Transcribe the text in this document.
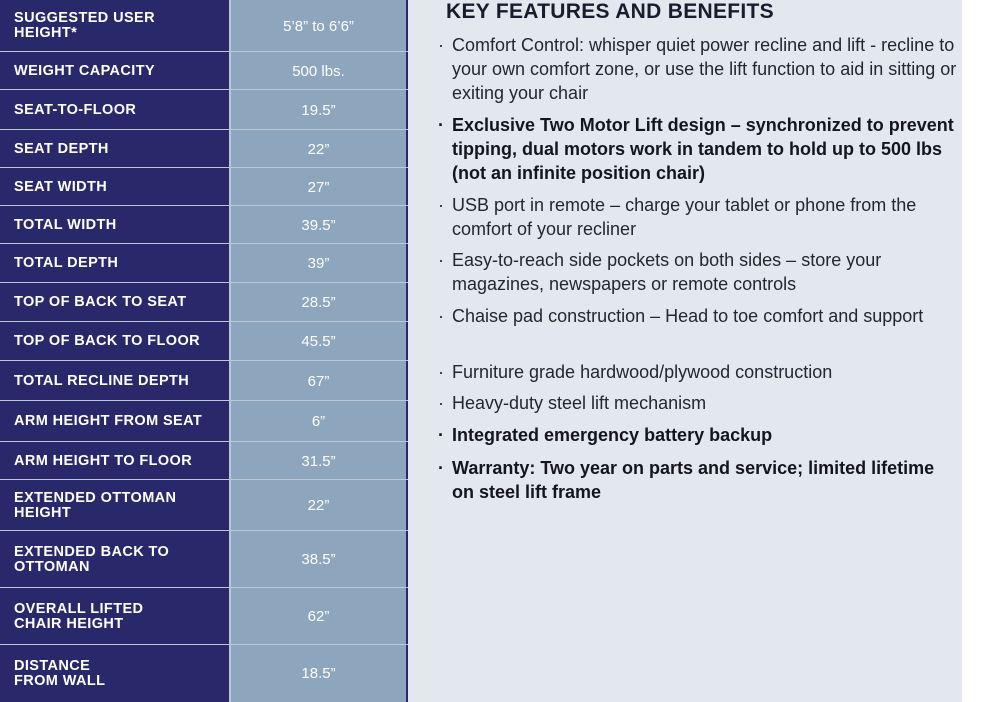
SUGGESTED USER
HEIGHT*	5’8” to 6’6”
WEIGHT CAPACITY	500 lbs.
SEAT-TO-FLOOR	19.5”
SEAT DEPTH	22”
SEAT WIDTH	27”
TOTAL WIDTH	39.5”
TOTAL DEPTH	39”
TOP OF BACK TO SEAT	28.5”
TOP OF BACK TO FLOOR	45.5”
TOTAL RECLINE DEPTH	67”
ARM HEIGHT FROM SEAT	6”
ARM HEIGHT TO FLOOR	31.5”
EXTENDED OTTOMAN
HEIGHT	22”
EXTENDED BACK TO
OTTOMAN	38.5”
OVERALL LIFTED
CHAIR HEIGHT	62”
DISTANCE
FROM WALL	18.5”
KEY FEATURES AND BENEFITS
· Comfort Control: whisper quiet power recline and lift - recline to your own comfort zone, or use the lift function to aid in sitting or exiting your chair
· Exclusive Two Motor Lift design – synchronized to prevent tipping, dual motors work in tandem to hold up to 500 lbs (not an infinite position chair)
· USB port in remote – charge your tablet or phone from the comfort of your recliner
· Easy-to-reach side pockets on both sides – store your magazines, newspapers or remote controls
· Chaise pad construction – Head to toe comfort and support
· Furniture grade hardwood/plywood construction
· Heavy-duty steel lift mechanism
· Integrated emergency battery backup
· Warranty: Two year on parts and service; limited lifetime on steel lift frame
